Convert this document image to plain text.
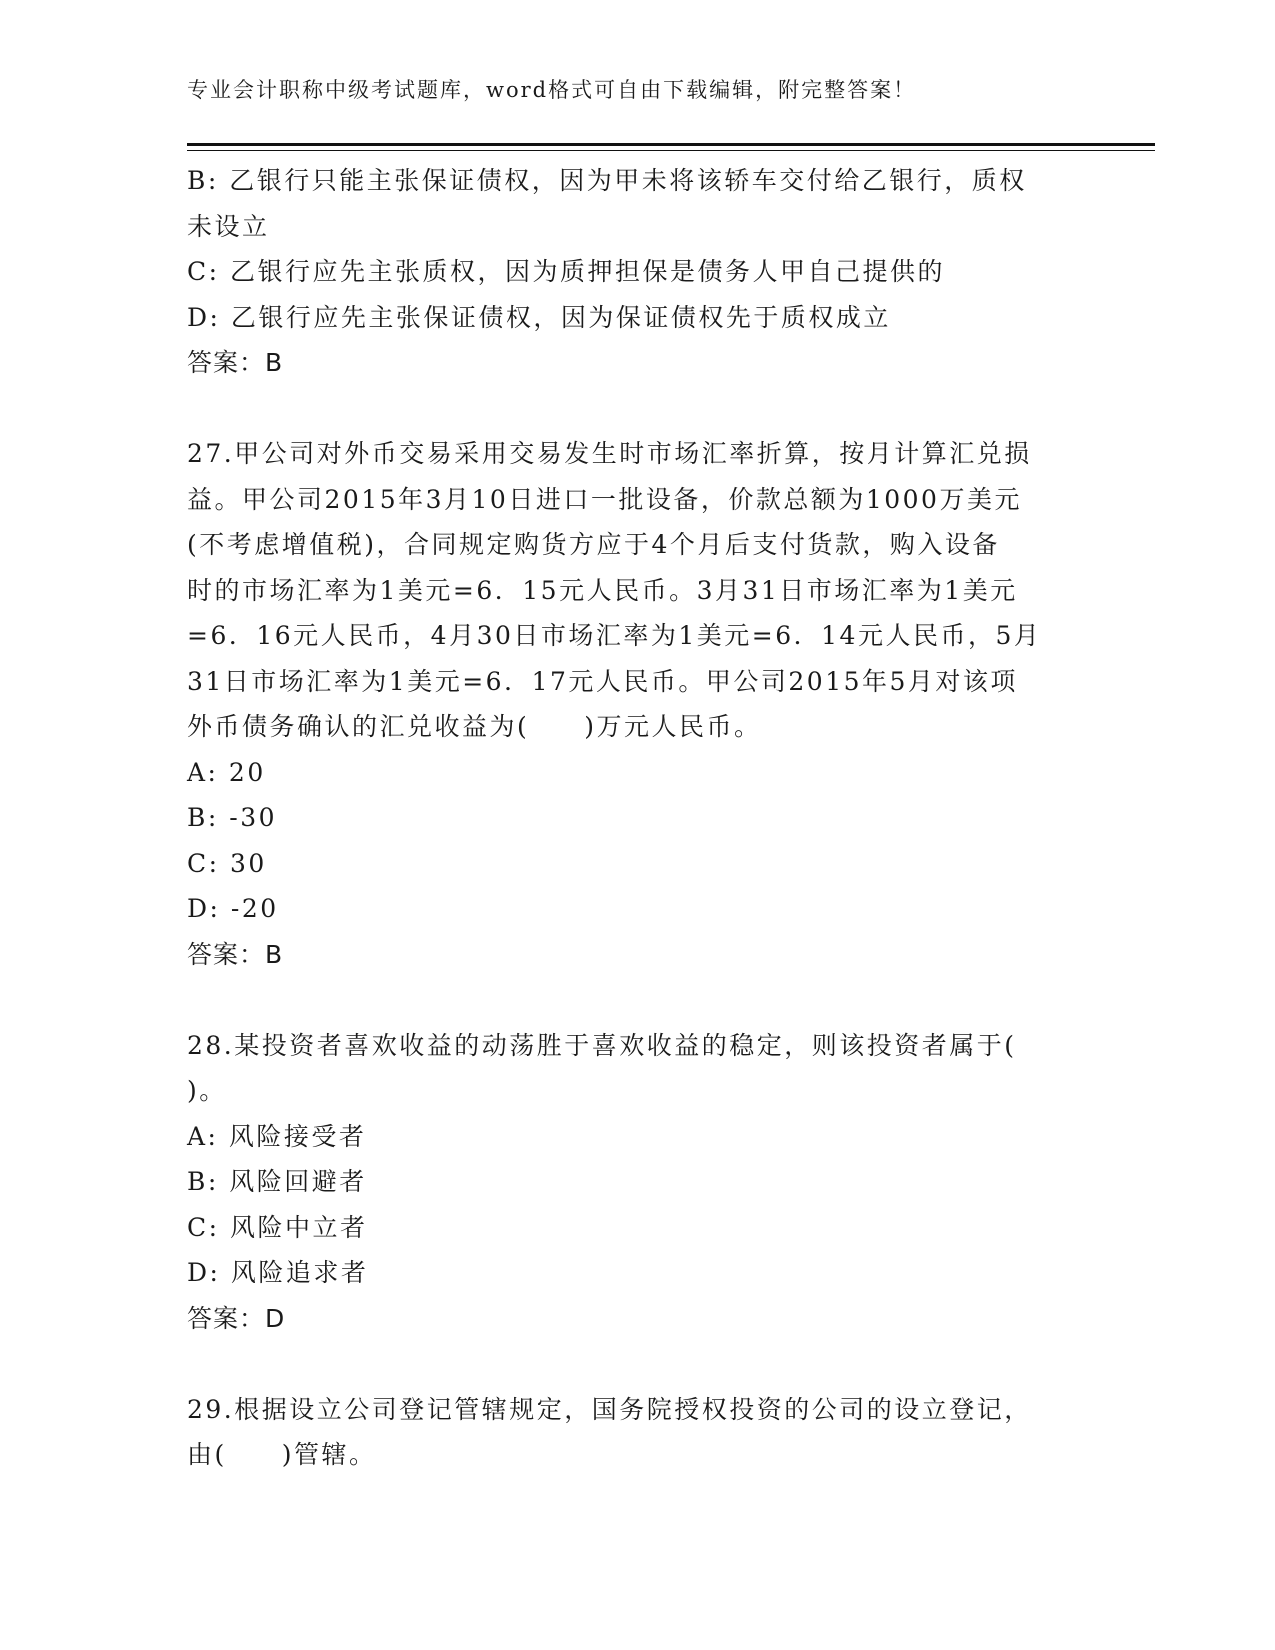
专业会计职称中级考试题库，word格式可自由下载编辑，附完整答案！
B: 乙银行只能主张保证债权，因为甲未将该轿车交付给乙银行，质权
未设立
C: 乙银行应先主张质权，因为质押担保是债务人甲自己提供的
D: 乙银行应先主张保证债权，因为保证债权先于质权成立
答案：B
27.甲公司对外币交易采用交易发生时市场汇率折算，按月计算汇兑损
益。甲公司2015年3月10日进口一批设备，价款总额为1000万美元
(不考虑增值税)，合同规定购货方应于4个月后支付货款，购入设备
时的市场汇率为1美元=6．15元人民币。3月31日市场汇率为1美元
=6．16元人民币，4月30日市场汇率为1美元=6．14元人民币，5月
31日市场汇率为1美元=6．17元人民币。甲公司2015年5月对该项
外币债务确认的汇兑收益为(　　)万元人民币。
A: 20
B: -30
C: 30
D: -20
答案：B
28.某投资者喜欢收益的动荡胜于喜欢收益的稳定，则该投资者属于(
)。
A: 风险接受者
B: 风险回避者
C: 风险中立者
D: 风险追求者
答案：D
29.根据设立公司登记管辖规定，国务院授权投资的公司的设立登记，
由(　　)管辖。
